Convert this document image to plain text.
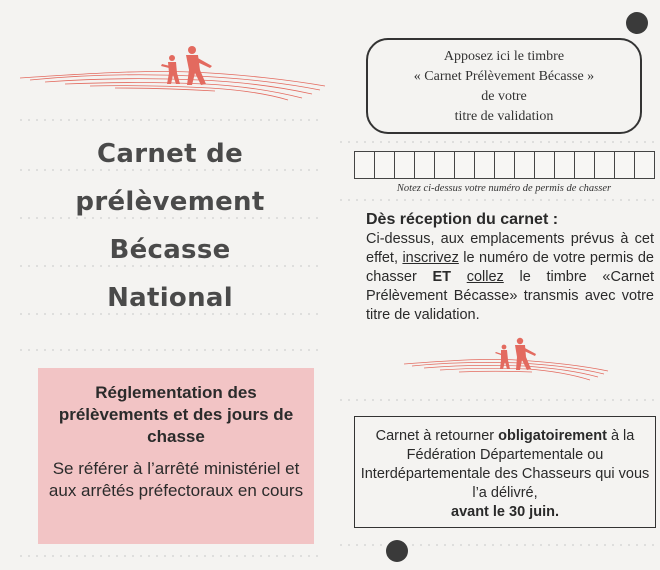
Carnet de
prélèvement
Bécasse
National
Réglementation des prélèvements et des jours de chasse
Se référer à l’arrêté ministériel et aux arrêtés préfectoraux en cours
Apposez ici le timbre
« Carnet Prélèvement Bécasse »
de votre
titre de validation
Notez ci-dessus votre numéro de permis de chasser
Dès réception du carnet :
Ci-dessus, aux emplacements prévus à cet effet, inscrivez le numéro de votre permis de chasser ET collez le timbre «Carnet Prélèvement Bécasse» transmis avec votre titre de validation.
Carnet à retourner obligatoirement à la Fédération Départementale ou Interdépartementale des Chasseurs qui vous l’a délivré,
avant le 30 juin.
